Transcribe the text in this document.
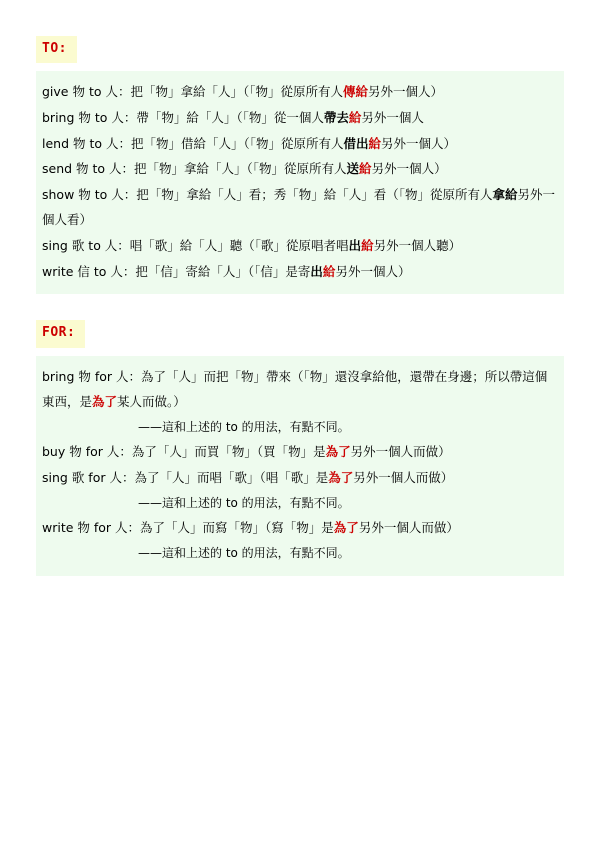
TO:
give 物 to 人：把「物」拿給「人」（「物」從原所有人傳給另外一個人）
bring 物 to 人：帶「物」給「人」（「物」從一個人帶去給另外一個人
lend 物 to 人：把「物」借給「人」（「物」從原所有人借出給另外一個人）
send 物 to 人：把「物」拿給「人」（「物」從原所有人送給另外一個人）
show 物 to 人：把「物」拿給「人」看；秀「物」給「人」看（「物」從原所有人拿給另外一個人看）
sing 歌 to 人：唱「歌」給「人」聽（「歌」從原唱者唱出給另外一個人聽）
write 信 to 人：把「信」寄給「人」（「信」是寄出給另外一個人）
FOR:
bring 物 for 人：為了「人」而把「物」帶來（「物」還沒拿給他，還帶在身邊；所以帶這個東西，是為了某人而做。）
——這和上述的 to 的用法，有點不同。
buy 物 for 人：為了「人」而買「物」（買「物」是為了另外一個人而做）
sing 歌 for 人：為了「人」而唱「歌」（唱「歌」是為了另外一個人而做）
——這和上述的 to 的用法，有點不同。
write 物 for 人：為了「人」而寫「物」（寫「物」是為了另外一個人而做）
——這和上述的 to 的用法，有點不同。
